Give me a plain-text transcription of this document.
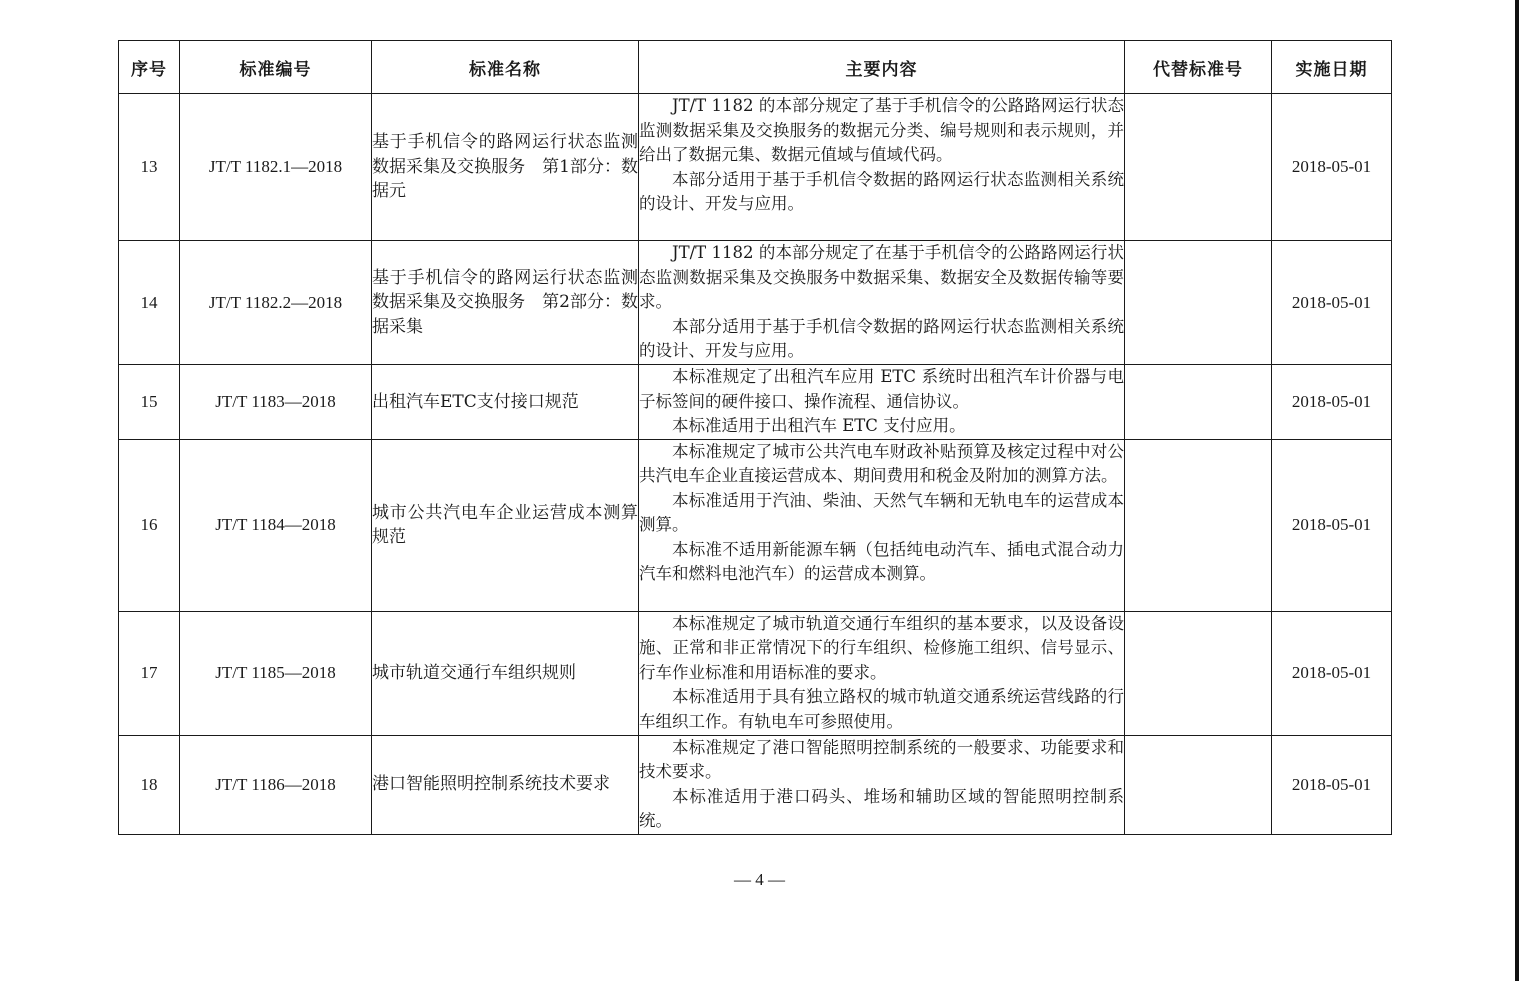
序号	标准编号	标准名称	主要内容	代替标准号	实施日期
13	JT/T 1182.1—2018	基于手机信令的路网运行状态监测数据采集及交换服务　第1部分：数据元	JT/T 1182 的本部分规定了基于手机信令的公路路网运行状态监测数据采集及交换服务的数据元分类、编号规则和表示规则，并给出了数据元集、数据元值域与值域代码。

本部分适用于基于手机信令数据的路网运行状态监测相关系统的设计、开发与应用。		2018-05-01
14	JT/T 1182.2—2018	基于手机信令的路网运行状态监测数据采集及交换服务　第2部分：数据采集	JT/T 1182 的本部分规定了在基于手机信令的公路路网运行状态监测数据采集及交换服务中数据采集、数据安全及数据传输等要求。

本部分适用于基于手机信令数据的路网运行状态监测相关系统的设计、开发与应用。		2018-05-01
15	JT/T 1183—2018	出租汽车ETC支付接口规范	本标准规定了出租汽车应用 ETC 系统时出租汽车计价器与电子标签间的硬件接口、操作流程、通信协议。

本标准适用于出租汽车 ETC 支付应用。		2018-05-01
16	JT/T 1184—2018	城市公共汽电车企业运营成本测算规范	本标准规定了城市公共汽电车财政补贴预算及核定过程中对公共汽电车企业直接运营成本、期间费用和税金及附加的测算方法。

本标准适用于汽油、柴油、天然气车辆和无轨电车的运营成本测算。

本标准不适用新能源车辆（包括纯电动汽车、插电式混合动力汽车和燃料电池汽车）的运营成本测算。		2018-05-01
17	JT/T 1185—2018	城市轨道交通行车组织规则	本标准规定了城市轨道交通行车组织的基本要求，以及设备设施、正常和非正常情况下的行车组织、检修施工组织、信号显示、行车作业标准和用语标准的要求。

本标准适用于具有独立路权的城市轨道交通系统运营线路的行车组织工作。有轨电车可参照使用。		2018-05-01
18	JT/T 1186—2018	港口智能照明控制系统技术要求	本标准规定了港口智能照明控制系统的一般要求、功能要求和技术要求。

本标准适用于港口码头、堆场和辅助区域的智能照明控制系统。		2018-05-01
— 4 —
